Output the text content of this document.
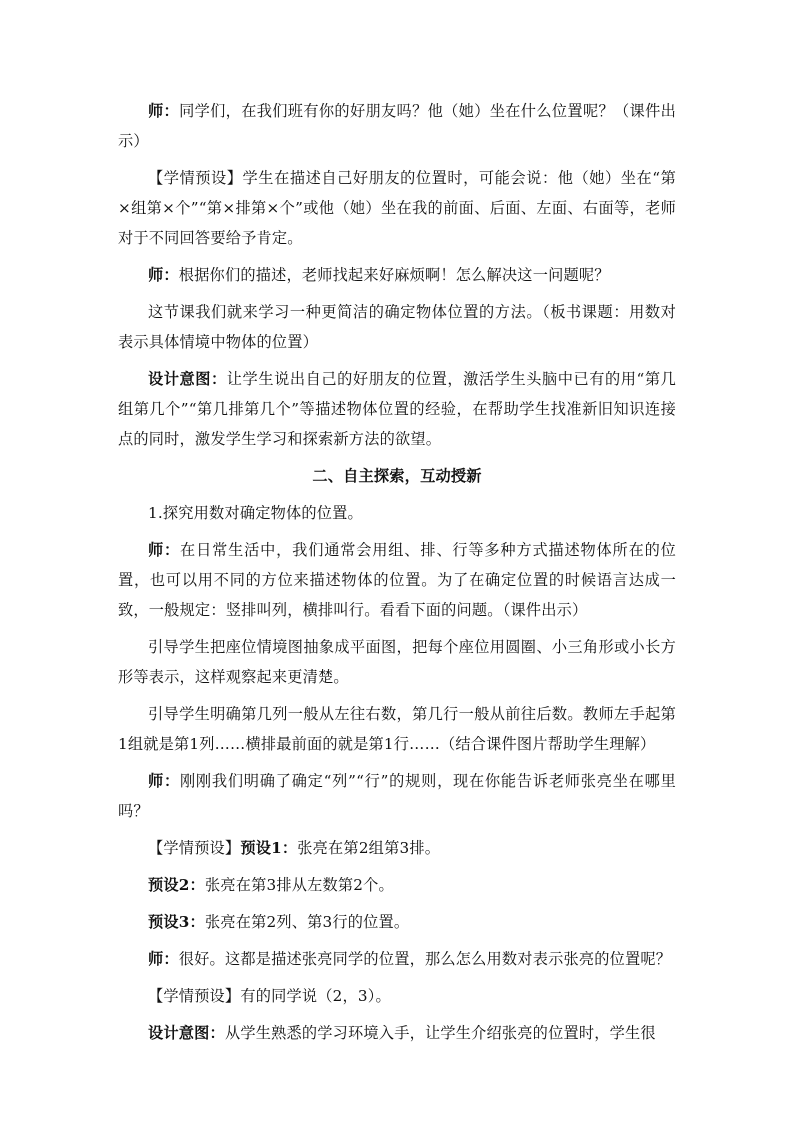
师：同学们，在我们班有你的好朋友吗？他（她）坐在什么位置呢？（课件出示）

【学情预设】学生在描述自己好朋友的位置时，可能会说：他（她）坐在“第×组第×个”“第×排第×个”或他（她）坐在我的前面、后面、左面、右面等，老师对于不同回答要给予肯定。

师：根据你们的描述，老师找起来好麻烦啊！怎么解决这一问题呢？

这节课我们就来学习一种更简洁的确定物体位置的方法。（板书课题：用数对表示具体情境中物体的位置）

设计意图：让学生说出自己的好朋友的位置，激活学生头脑中已有的用“第几组第几个”“第几排第几个”等描述物体位置的经验，在帮助学生找准新旧知识连接点的同时，激发学生学习和探索新方法的欲望。

二、自主探索，互动授新

1.探究用数对确定物体的位置。

师：在日常生活中，我们通常会用组、排、行等多种方式描述物体所在的位置，也可以用不同的方位来描述物体的位置。为了在确定位置的时候语言达成一致，一般规定：竖排叫列，横排叫行。看看下面的问题。（课件出示）

引导学生把座位情境图抽象成平面图，把每个座位用圆圈、小三角形或小长方形等表示，这样观察起来更清楚。

引导学生明确第几列一般从左往右数，第几行一般从前往后数。教师左手起第1组就是第1列……横排最前面的就是第1行……（结合课件图片帮助学生理解）

师：刚刚我们明确了确定“列”“行”的规则，现在你能告诉老师张亮坐在哪里吗？

【学情预设】预设1：张亮在第2组第3排。

预设2：张亮在第3排从左数第2个。

预设3：张亮在第2列、第3行的位置。

师：很好。这都是描述张亮同学的位置，那么怎么用数对表示张亮的位置呢？

【学情预设】有的同学说（2，3）。

设计意图：从学生熟悉的学习环境入手，让学生介绍张亮的位置时，学生很
